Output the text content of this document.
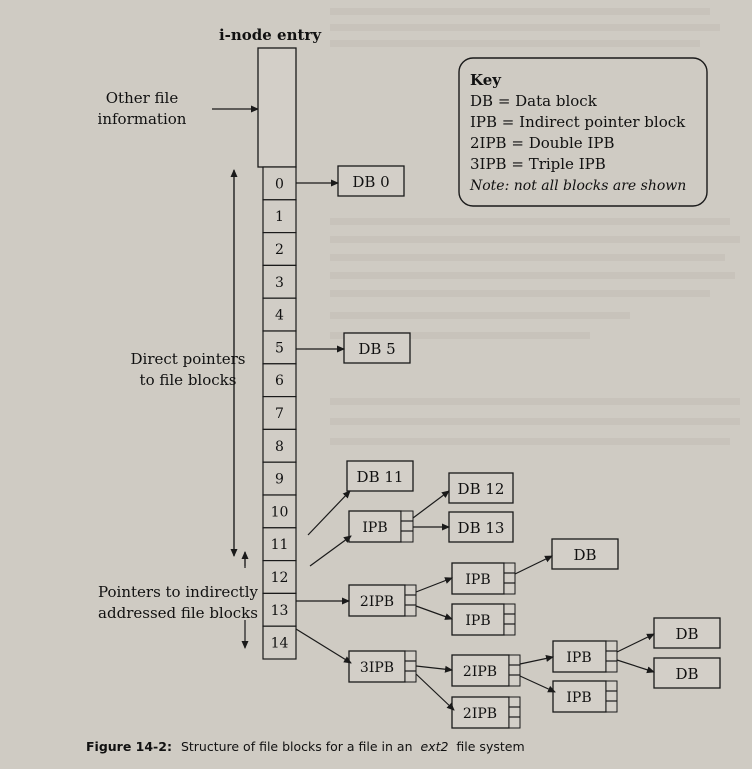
i-node entry
Other file
information
0
1
2
3
4
5
6
7
8
9
10
11
12
13
14
Direct pointers
to file blocks
Pointers to indirectly
addressed file blocks
Key
DB = Data block
IPB = Indirect pointer block
2IPB = Double IPB
3IPB = Triple IPB
Note: not all blocks are shown
DB 0
DB 5
DB 11
IPB
DB 12
DB 13
2IPB
IPB
IPB
DB
3IPB	2IPB
2IPB
IPB
IPB
DB
DB
Figure 14-2: Structure of file blocks for a file in an ext2 file system
